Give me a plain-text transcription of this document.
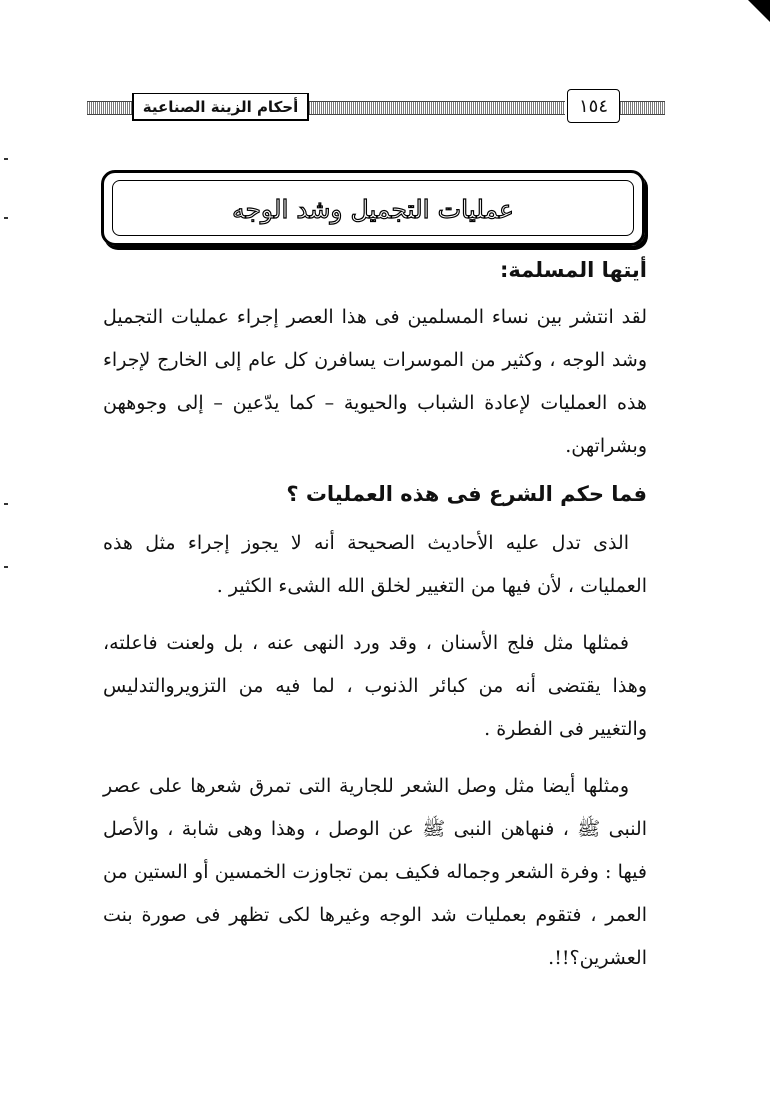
أحكام الزينة الصناعية	١٥٤
عمليات التجميل وشد الوجه
أيتها المسلمة:

لقد انتشر بين نساء المسلمين فى هذا العصر إجراء عمليات التجميل وشد الوجه ، وكثير من الموسرات يسافرن كل عام إلى الخارج لإجراء هذه العمليات لإعادة الشباب والحيوية – كما يدّعين – إلى وجوههن وبشراتهن.

فما حكم الشرع فى هذه العمليات ؟

الذى تدل عليه الأحاديث الصحيحة أنه لا يجوز إجراء مثل هذه العمليات ، لأن فيها من التغيير لخلق الله الشىء الكثير .

فمثلها مثل فلج الأسنان ، وقد ورد النهى عنه ، بل ولعنت فاعلته، وهذا يقتضى أنه من كبائر الذنوب ، لما فيه من التزويروالتدليس والتغيير فى الفطرة .

ومثلها أيضا مثل وصل الشعر للجارية التى تمرق شعرها على عصر النبى ﷺ ، فنهاهن النبى ﷺ عن الوصل ، وهذا وهى شابة ، والأصل فيها : وفرة الشعر وجماله فكيف بمن تجاوزت الخمسين أو الستين من العمر ، فتقوم بعمليات شد الوجه وغيرها لكى تظهر فى صورة بنت العشرين؟!!.
